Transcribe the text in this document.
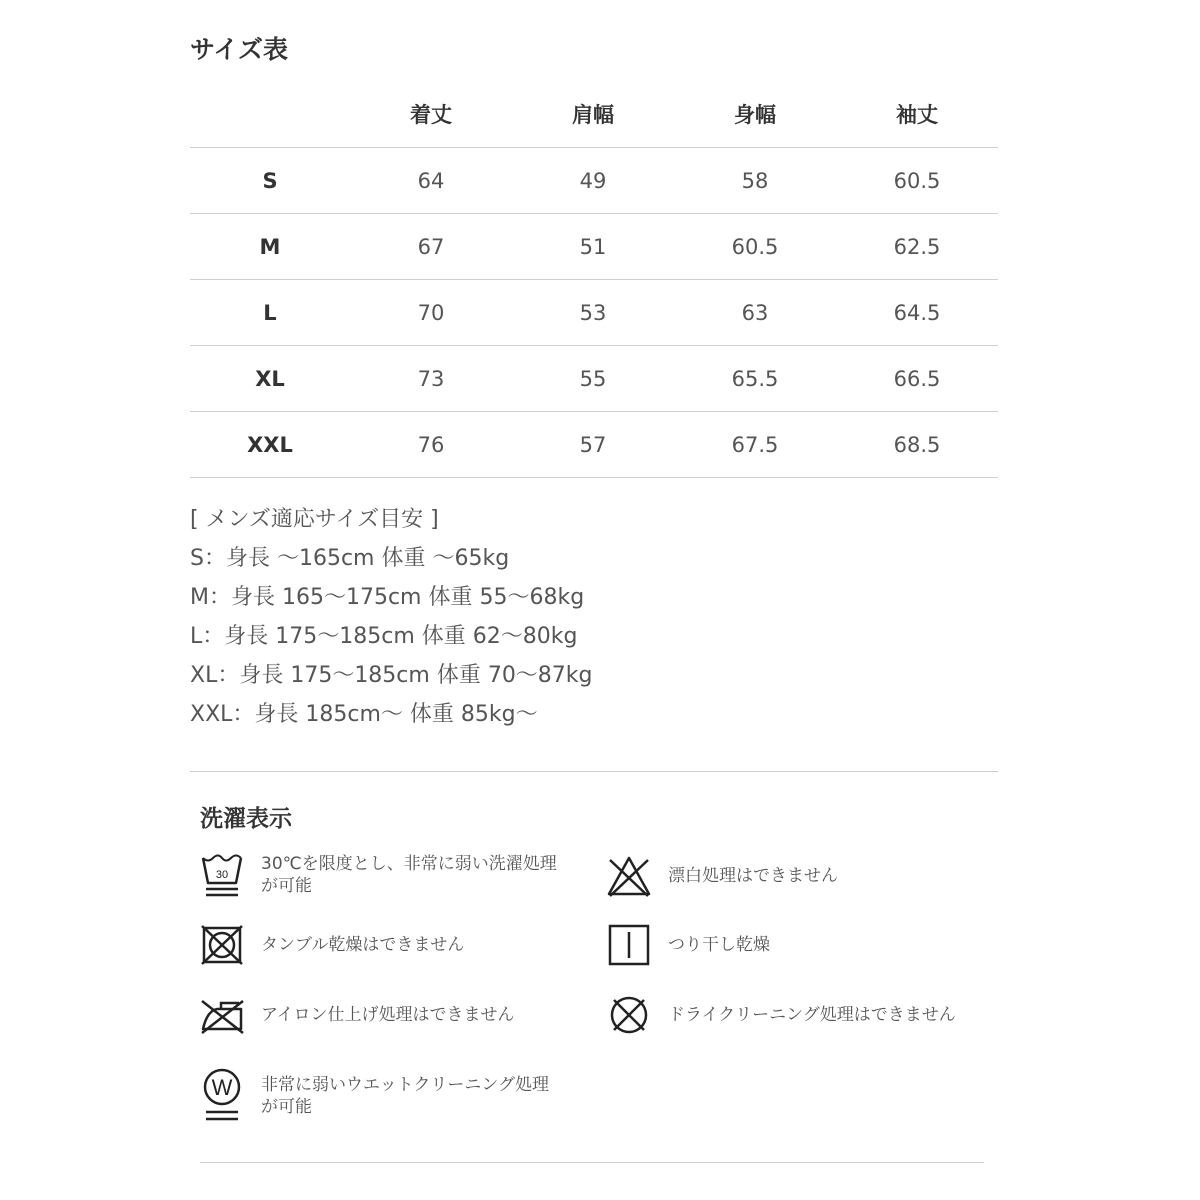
サイズ表
	着丈	肩幅	身幅	袖丈
S	64	49	58	60.5
M	67	51	60.5	62.5
L	70	53	63	64.5
XL	73	55	65.5	66.5
XXL	76	57	67.5	68.5
[ メンズ適応サイズ目安 ]
S：身長 ～165cm 体重 ～65kg
M：身長 165～175cm 体重 55～68kg
L：身長 175～185cm 体重 62～80kg
XL：身長 175～185cm 体重 70～87kg
XXL：身長 185cm～ 体重 85kg～
洗濯表示
30
30℃を限度とし、非常に弱い洗濯処理が可能	漂白処理はできません
タンブル乾燥はできません	つり干し乾燥
アイロン仕上げ処理はできません	ドライクリーニング処理はできません
W 非常に弱いウエットクリーニング処理が可能
